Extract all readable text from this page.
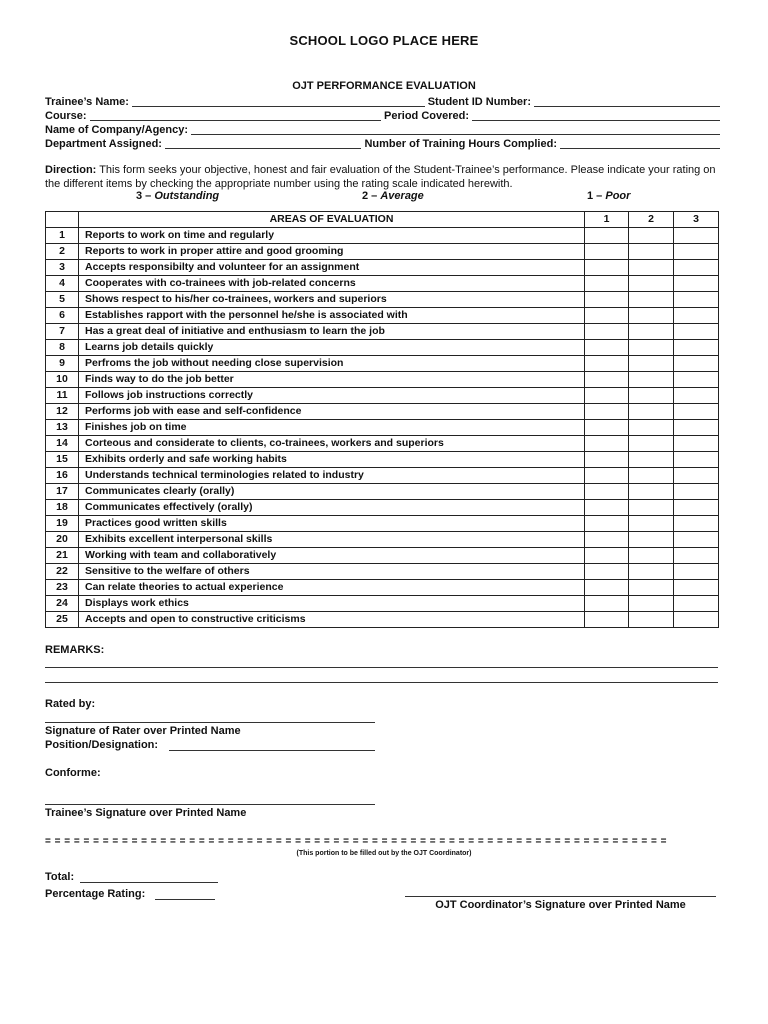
SCHOOL LOGO PLACE HERE
OJT PERFORMANCE EVALUATION
Trainee’s Name:	Student ID Number:
Course:	Period Covered:
Name of Company/Agency:
Department Assigned:	Number of Training Hours Complied:
Direction: This form seeks your objective, honest and fair evaluation of the Student-Trainee’s performance. Please indicate your rating on the different items by checking the appropriate number using the rating scale indicated herewith.
3 – Outstanding	2 – Average	1 – Poor
	AREAS OF EVALUATION	1	2	3
1	Reports to work on time and regularly			
2	Reports to work in proper attire and good grooming			
3	Accepts responsibilty and volunteer for an assignment			
4	Cooperates with co-trainees with job-related concerns			
5	Shows respect to his/her co-trainees, workers and superiors			
6	Establishes rapport with the personnel he/she is associated with			
7	Has a great deal of initiative and enthusiasm to learn the job			
8	Learns job details quickly			
9	Perfroms the job without needing close supervision			
10	Finds way to do the job better			
11	Follows job instructions correctly			
12	Performs job with ease and self-confidence			
13	Finishes job on time			
14	Corteous and considerate to clients, co-trainees, workers and superiors			
15	Exhibits orderly and safe working habits			
16	Understands technical terminologies related to industry			
17	Communicates clearly (orally)			
18	Communicates effectively (orally)			
19	Practices good written skills			
20	Exhibits excellent interpersonal skills			
21	Working with team and collaboratively			
22	Sensitive to the welfare of others			
23	Can relate theories to actual experience			
24	Displays work ethics			
25	Accepts and open to constructive criticisms			
REMARKS:
Rated by:
Signature of Rater over Printed Name
Position/Designation:
Conforme:
Trainee’s Signature over Printed Name
= = = = = = = = = = = = = = = = = = = = = = = = = = = = = = = = = = = = = = = = = = = = = = = = = = = = = = = = = = = = = = = = =
(This portion to be filled out by the OJT Coordinator)
Total:
Percentage Rating:
OJT Coordinator’s Signature over Printed Name
